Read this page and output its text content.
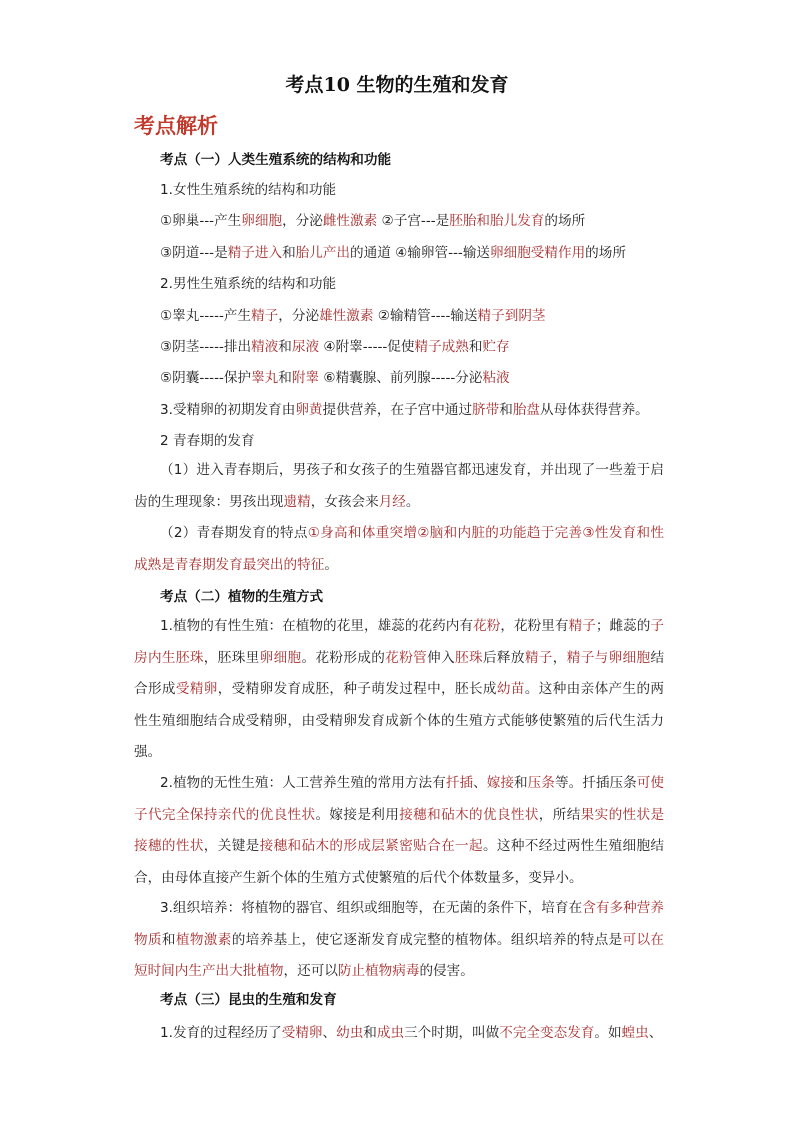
考点10 生物的生殖和发育
考点解析
考点（一）人类生殖系统的结构和功能
1.女性生殖系统的结构和功能
①卵巢---产生卵细胞，分泌雌性激素 ②子宫---是胚胎和胎儿发育的场所
③阴道---是精子进入和胎儿产出的通道 ④输卵管---输送卵细胞受精作用的场所
2.男性生殖系统的结构和功能
①睾丸-----产生精子，分泌雄性激素 ②输精管----输送精子到阴茎
③阴茎-----排出精液和尿液 ④附睾-----促使精子成熟和贮存
⑤阴囊-----保护睾丸和附睾 ⑥精囊腺、前列腺-----分泌粘液
3.受精卵的初期发育由卵黄提供营养，在子宫中通过脐带和胎盘从母体获得营养。
2 青春期的发育
考点（二）植物的生殖方式
考点（三）昆虫的生殖和发育
（1）进入青春期后，男孩子和女孩子的生殖器官都迅速发育，并出现了一些羞于启齿的生理现象：男孩出现遗精，女孩会来月经。
（2）青春期发育的特点①身高和体重突增②脑和内脏的功能趋于完善③性发育和性成熟是青春期发育最突出的特征。
1.植物的有性生殖：在植物的花里，雄蕊的花药内有花粉，花粉里有精子；雌蕊的子房内生胚珠，胚珠里卵细胞。花粉形成的花粉管伸入胚珠后释放精子，精子与卵细胞结合形成受精卵，受精卵发育成胚，种子萌发过程中，胚长成幼苗。这种由亲体产生的两性生殖细胞结合成受精卵，由受精卵发育成新个体的生殖方式能够使繁殖的后代生活力强。
2.植物的无性生殖：人工营养生殖的常用方法有扦插、嫁接和压条等。扦插压条可使子代完全保持亲代的优良性状。嫁接是利用接穗和砧木的优良性状，所结果实的性状是接穗的性状，关键是接穗和砧木的形成层紧密贴合在一起。这种不经过两性生殖细胞结合，由母体直接产生新个体的生殖方式使繁殖的后代个体数量多，变异小。
3.组织培养：将植物的器官、组织或细胞等，在无菌的条件下，培育在含有多种营养物质和植物激素的培养基上，使它逐渐发育成完整的植物体。组织培养的特点是可以在短时间内生产出大批植物，还可以防止植物病毒的侵害。
1.发育的过程经历了受精卵、幼虫和成虫三个时期，叫做不完全变态发育。如蝗虫、
